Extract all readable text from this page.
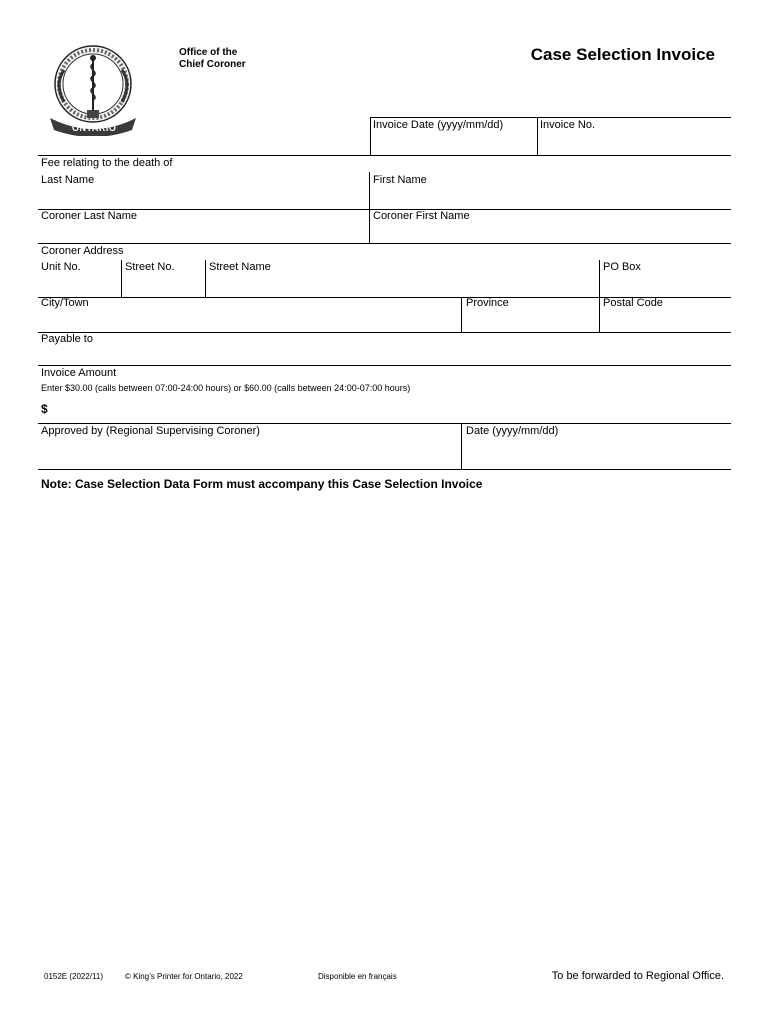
ONTARIO
Office of the
Chief Coroner
Case Selection Invoice
Invoice Date (yyyy/mm/dd)	Invoice No.
Fee relating to the death of
Last Name	First Name
Coroner Last Name	Coroner First Name
Coroner Address
Unit No.	Street No.	Street Name	PO Box
City/Town	Province	Postal Code
Payable to
Invoice Amount
Enter $30.00 (calls between 07:00-24:00 hours) or $60.00 (calls between 24:00-07:00 hours)
$
Approved by (Regional Supervising Coroner)	Date (yyyy/mm/dd)
Note: Case Selection Data Form must accompany this Case Selection Invoice
0152E (2022/11)	© King’s Printer for Ontario, 2022	Disponible en français	To be forwarded to Regional Office.
